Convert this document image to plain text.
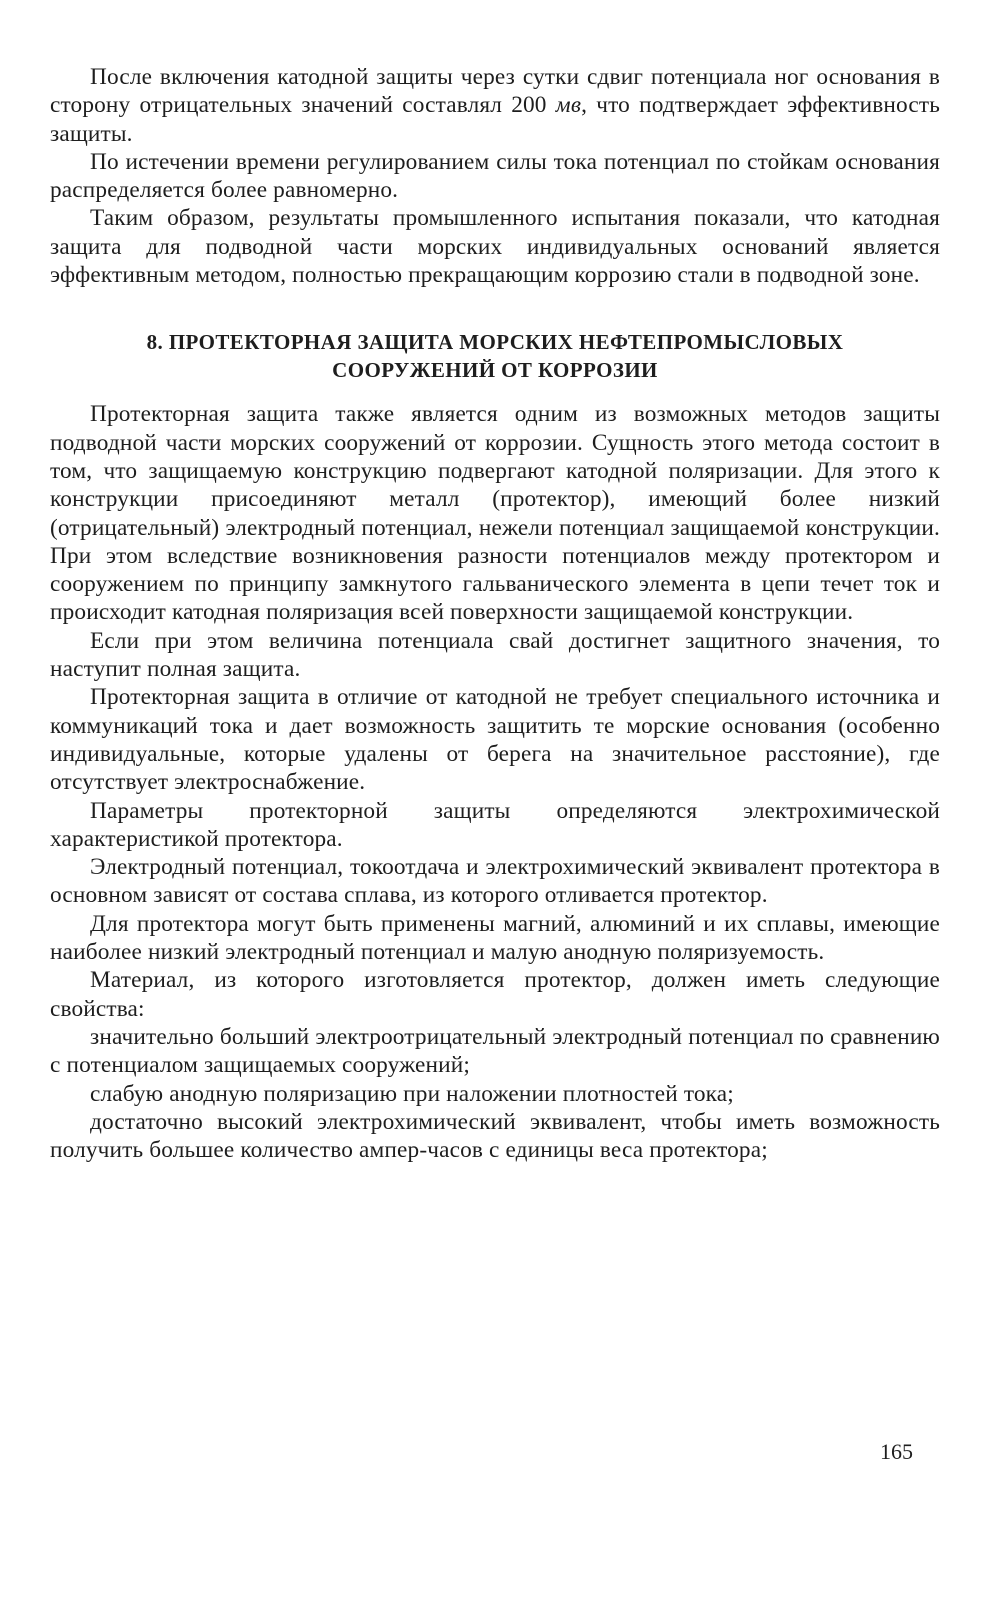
После включения катодной защиты через сутки сдвиг потенциала ног основания в сторону отрицательных значений составлял 200 мв, что подтверждает эффективность защиты.

По истечении времени регулированием силы тока потенциал по стойкам основания распределяется более равномерно.

Таким образом, результаты промышленного испытания показали, что катодная защита для подводной части морских индивидуальных оснований является эффективным методом, полностью прекращающим коррозию стали в подводной зоне.

8. ПРОТЕКТОРНАЯ ЗАЩИТА МОРСКИХ НЕФТЕПРОМЫСЛОВЫХ
СООРУЖЕНИЙ ОТ КОРРОЗИИ

Протекторная защита также является одним из возможных методов защиты подводной части морских сооружений от коррозии. Сущность этого метода состоит в том, что защищаемую конструкцию подвергают катодной поляризации. Для этого к конструкции присоединяют металл (протектор), имеющий более низкий (отрицательный) электродный потенциал, нежели потенциал защищаемой конструкции. При этом вследствие возникновения разности потенциалов между протектором и сооружением по принципу замкнутого гальванического элемента в цепи течет ток и происходит катодная поляризация всей поверхности защищаемой конструкции.

Если при этом величина потенциала свай достигнет защитного значения, то наступит полная защита.

Протекторная защита в отличие от катодной не требует специального источника и коммуникаций тока и дает возможность защитить те морские основания (особенно индивидуальные, которые удалены от берега на значительное расстояние), где отсутствует электроснабжение.

Параметры протекторной защиты определяются электрохимической характеристикой протектора.

Электродный потенциал, токоотдача и электрохимический эквивалент протектора в основном зависят от состава сплава, из которого отливается протектор.

Для протектора могут быть применены магний, алюминий и их сплавы, имеющие наиболее низкий электродный потенциал и малую анодную поляризуемость.

Материал, из которого изготовляется протектор, должен иметь следующие свойства:

значительно больший электроотрицательный электродный потенциал по сравнению с потенциалом защищаемых сооружений;

слабую анодную поляризацию при наложении плотностей тока;

достаточно высокий электрохимический эквивалент, чтобы иметь возможность получить большее количество ампер-часов с единицы веса протектора;

165
